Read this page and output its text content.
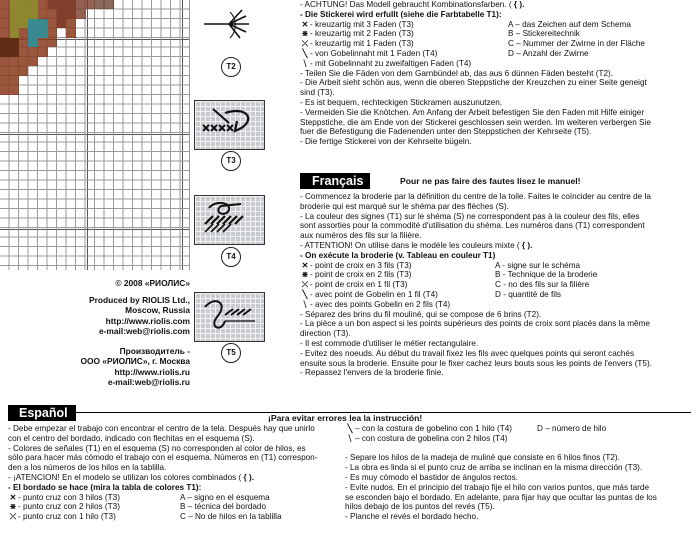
T2
T3
T4
T5

© 2008 «РИОЛИС»

Produced by RIOLIS Ltd.,

Moscow, Russia

http://www.riolis.com

e-mail:web@riolis.com

Производитель -

ООО «РИОЛИС», г. Москва

http://www.riolis.ru

e-mail:web@riolis.ru

- ACHTUNG! Das Modell gebraucht Kombinationsfarben. ( { ).
- Die Stickerei wird erfullt (siehe die Farbtabelle T1):
✕ - kreuzartig mit 3 Faden (T3)	A – das Zeichen auf dem Schema
⋇ - kreuzartig mit 2 Faden (T3)	B – Stickereitechnik
⤫ - kreuzartig mit 1 Faden (T3)	C – Nummer der Zwirne in der Fläche
╲ - von Gobelinnaht mit 1 Faden (T4)	D – Anzahl der Zwirne
⧹ - mit Gobelinnaht zu zweifaltigen Faden (T4)
- Teilen Sie die Fäden von dem Garnbündel ab, das aus 6 dünnen Fäden besteht (T2).
- Die Arbeit sieht schön aus, wenn die oberen Steppstiche der Kreuzchen zu einer Seite geneigt
sind (T3).
- Es ist bequem, rechteckigen Stickramen auszunutzen.
- Vermeiden Sie die Knötchen. Am Anfang der Arbeit befestigen Sie den Faden mit Hilfe einiger
Steppstiche, die am Ende von der Stickerei geschlossen sein werden. Im weiteren verbergen Sie
fuer die Befestigung die Fadenenden unter den Steppstichen der Kehrseite (T5).
- Die fertige Stickerei von der Kehrseite bügeln.
Français	Pour ne pas faire des fautes lisez le manuel!
- Commencez la broderie par la définition du centre de la toile. Faites le coïncider au centre de la
broderie qui est marqué sur le shéma par des flèches (S).
- La couleur des signes (T1) sur le shéma (S) ne correspondent pas à la couleur des fils, elles
sont assorties pour la commodité d'utilisation du shéma. Les numéros dans (T1) correspondent
aux numéros des fils sur la filière.
- ATTENTION! On utilise dans le modèle les couleurs mixte ( { ).
- On exécute la broderie (v. Tableau en couleur T1)
✕ - point de croix en 3 fils (T3)	A - signe sur le schéma
⋇ - point de croix en 2 fils (T3)	B - Technique de la broderie
⤫ - point de croix en 1 fil (T3)	C - no des fils sur la filière
╲ - avec point de Gobelin en 1 fil (T4)	D - quantité de fils
⧹ - avec des points Gobelin en 2 fils (T4)
- Séparez des brins du fil mouliné, qui se compose de 6 brins (T2).
- La pièce a un bon aspect si les points supérieurs des points de croix sont placés dans la même
direction (T3).
- Il est commode d'utiliser le métier rectangulaire.
- Evitez des noeuds. Au début du travail fixez les fils avec quelques points qui seront cachés
ensuite sous la broderie. Ensuite pour le fixer cachez leurs bouts sous les points de l'envers (T5).
- Repassez l'envers de la broderie finie.
Español	¡Para evitar errores lea la instrucción!
- Debe empezar el trabajo con encontrar el centro de la tela. Después hay que unirlo
con el centro del bordado, indicado con flechitas en el esquema (S).
- Colores de señales (T1) en el esquema (S) no corresponden al color de hilos, es
sólo para hacer más cómodo el trabajo con el esquema. Números en (T1) correspon-
den a los números de los hilos en la tablilla.
- ¡ATENCION! En el modelo se utilizan los colores combinados ( { ).
- El bordado se hace (mira la tabla de colores T1):
✕ - punto cruz con 3 hilos (T3)	A – signo en el esquema
⋇ - punto cruz con 2 hilos (T3)	B – técnica del bordado
⤫ - punto cruz con 1 hilo (T3)	C – No de hilos en la tablilla
╲ – con la costura de gobelino con 1 hilo (T4)	D – número de hilo
⧹ – con costura de gobelina con 2 hilos (T4)
- Separe los hilos de la madeja de muliné que consiste en 6 hilos finos (T2).
- La obra es linda si el punto cruz de arriba se inclinan en la misma dirección (T3).
- Es muy cómodo el bastidor de ángulos rectos.
- Evite nudos. En el principio del trabajo fije el hilo con varios puntos, que más tarde
se esconden bajo el bordado. En adelante, para fijar hay que ocultar las puntas de los
hilos debajo de los puntos del revés (T5).
- Planche el revés el bordado hecho.
